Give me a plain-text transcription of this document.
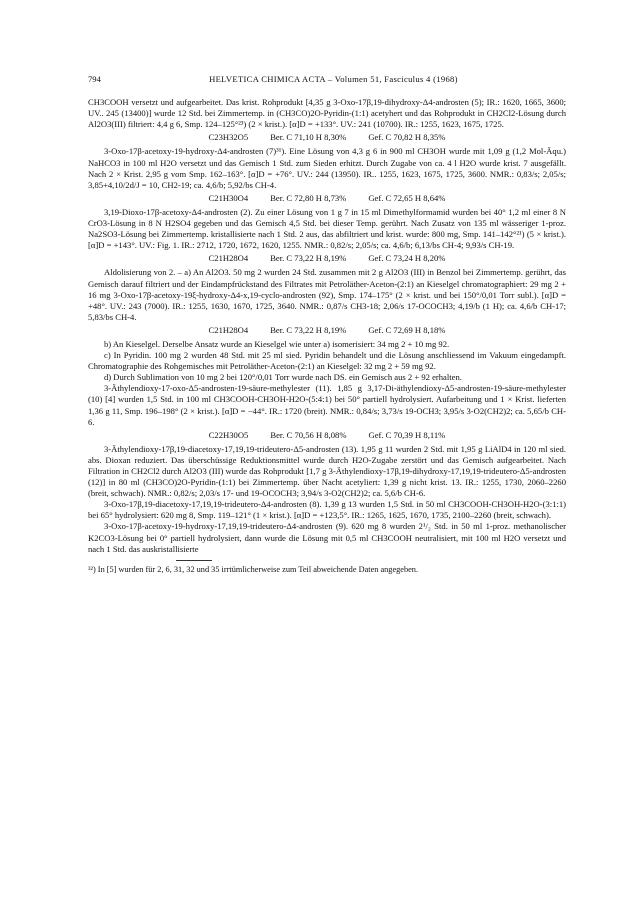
794	HELVETICA CHIMICA ACTA – Volumen 51, Fasciculus 4 (1968)

CH3COOH versetzt und aufgearbeitet. Das krist. Rohprodukt [4,35 g 3-Oxo-17β,19-dihydroxy-Δ4-androsten (5); IR.: 1620, 1665, 3600; UV.. 245 (13400)] wurde 12 Std. bei Zimmertemp. in (CH3CO)2O-Pyridin-(1:1) acetyhert und das Rohprodukt in CH2Cl2-Lösung durch Al2O3(III) filtriert: 4,4 g 6, Smp. 124–125°²³) (2 × krist.). [α]D = +133°. UV.: 241 (10700). IR.: 1255, 1623, 1675, 1725.

C23H32O5	Ber. C 71,10 H 8,30%	Gef. C 70,82 H 8,35%

3-Oxo-17β-acetoxy-19-hydroxy-Δ4-androsten (7)³¹). Eine Lösung von 4,3 g 6 in 900 ml CH3OH wurde mit 1,09 g (1,2 Mol-Äqu.) NaHCO3 in 100 ml H2O versetzt und das Gemisch 1 Std. zum Sieden erhitzt. Durch Zugabe von ca. 4 l H2O wurde krist. 7 ausgefällt. Nach 2 × Krist. 2,95 g vom Smp. 162–163°. [α]D = +76°. UV.: 244 (13950). IR.. 1255, 1623, 1675, 1725, 3600. NMR.: 0,83/s; 2,05/s; 3,85+4,10/2d/J = 10, CH2-19; ca. 4,6/b; 5,92/bs CH-4.

C21H30O4	Ber. C 72,80 H 8,73%	Gef. C 72,65 H 8,64%

3,19-Dioxo-17β-acetoxy-Δ4-androsten (2). Zu einer Lösung von 1 g 7 in 15 ml Dimethylformamid wurden bei 40° 1,2 ml einer 8 N CrO3-Lösung in 8 N H2SO4 gegeben und das Gemisch 4,5 Std. bei dieser Temp. gerührt. Nach Zusatz von 135 ml wässeriger 1-proz. Na2SO3-Lösung bei Zimmertemp. kristallisierte nach 1 Std. 2 aus, das abfiltriert und krist. wurde: 800 mg, Smp. 141–142°²¹) (5 × krist.). [α]D = +143°. UV.: Fig. 1. IR.: 2712, 1720, 1672, 1620, 1255. NMR.: 0,82/s; 2,05/s; ca. 4,6/b; 6,13/bs CH-4; 9,93/s CH-19.

C21H28O4	Ber. C 73,22 H 8,19%	Gef. C 73,24 H 8,20%

Aldolisierung von 2. – a) An Al2O3. 50 mg 2 wurden 24 Std. zusammen mit 2 g Al2O3 (III) in Benzol bei Zimmertemp. gerührt, das Gemisch darauf filtriert und der Eindampfrückstand des Filtrates mit Petroläther-Aceton-(2:1) an Kieselgel chromatographiert: 29 mg 2 + 16 mg 3-Oxo-17β-acetoxy-19ξ-hydroxy-Δ4-x,19-cyclo-androsten (92), Smp. 174–175° (2 × krist. und bei 150°/0,01 Torr subl.). [α]D = +48°. UV.: 243 (7000). IR.: 1255, 1630, 1670, 1725, 3640. NMR.: 0,87/s CH3-18; 2,06/s 17-OCOCH3; 4,19/b (1 H); ca. 4,6/b CH-17; 5,83/bs CH-4.

C21H28O4	Ber. C 73,22 H 8,19%	Gef. C 72,69 H 8,18%

b) An Kieselgel. Derselbe Ansatz wurde an Kieselgel wie unter a) isomerisiert: 34 mg 2 + 10 mg 92.

c) In Pyridin. 100 mg 2 wurden 48 Std. mit 25 ml sied. Pyridin behandelt und die Lösung anschliessend im Vakuum eingedampft. Chromatographie des Rohgemisches mit Petroläther-Aceton-(2:1) an Kieselgel: 32 mg 2 + 59 mg 92.

d) Durch Sublimation von 10 mg 2 bei 120°/0,01 Torr wurde nach DS. ein Gemisch aus 2 + 92 erhalten.

3-Äthylendioxy-17-oxo-Δ5-androsten-19-säure-methylester (11). 1,85 g 3,17-Di-äthylendioxy-Δ5-androsten-19-säure-methylester (10) [4] wurden 1,5 Std. in 100 ml CH3COOH-CH3OH-H2O-(5:4:1) bei 50° partiell hydrolysiert. Aufarbeitung und 1 × Krist. lieferten 1,36 g 11, Smp. 196–198° (2 × krist.). [α]D = −44°. IR.: 1720 (breit). NMR.: 0,84/s; 3,73/s 19-OCH3; 3,95/s 3-O2(CH2)2; ca. 5,65/b CH-6.

C22H30O5	Ber. C 70,56 H 8,08%	Gef. C 70,39 H 8,11%

3-Äthylendioxy-17β,19-diacetoxy-17,19,19-trideutero-Δ5-androsten (13). 1,95 g 11 wurden 2 Std. mit 1,95 g LiAlD4 in 120 ml sied. abs. Dioxan reduziert. Das überschüssige Reduktionsmittel wurde durch H2O-Zugabe zerstört und das Gemisch aufgearbeitet. Nach Filtration in CH2Cl2 durch Al2O3 (III) wurde das Rohprodukt [1,7 g 3-Äthylendioxy-17β,19-dihydroxy-17,19,19-trideutero-Δ5-androsten (12)] in 80 ml (CH3CO)2O-Pyridin-(1:1) bei Zimmertemp. über Nacht acetyliert: 1,39 g nicht krist. 13. IR.: 1255, 1730, 2060–2260 (breit, schwach). NMR.: 0,82/s; 2,03/s 17- und 19-OCOCH3; 3,94/s 3-O2(CH2)2; ca. 5,6/b CH-6.

3-Oxo-17β,19-diacetoxy-17,19,19-trideutero-Δ4-androsten (8). 1,39 g 13 wurden 1,5 Std. in 50 ml CH3COOH-CH3OH-H2O-(3:1:1) bei 65° hydrolysiert: 620 mg 8, Smp. 119–121° (1 × krist.). [α]D = +123,5°. IR.: 1265, 1625, 1670, 1735, 2100–2260 (breit, schwach).

3-Oxo-17β-acetoxy-19-hydroxy-17,19,19-trideutero-Δ4-androsten (9). 620 mg 8 wurden 2¹/₂ Std. in 50 ml 1-proz. methanolischer K2CO3-Lösung bei 0° partiell hydrolysiert, dann wurde die Lösung mit 0,5 ml CH3COOH neutralisiert, mit 100 ml H2O versetzt und nach 1 Std. das auskristallisierte

³²) In [5] wurden für 2, 6, 31, 32 und 35 irrtümlicherweise zum Teil abweichende Daten angegeben.
